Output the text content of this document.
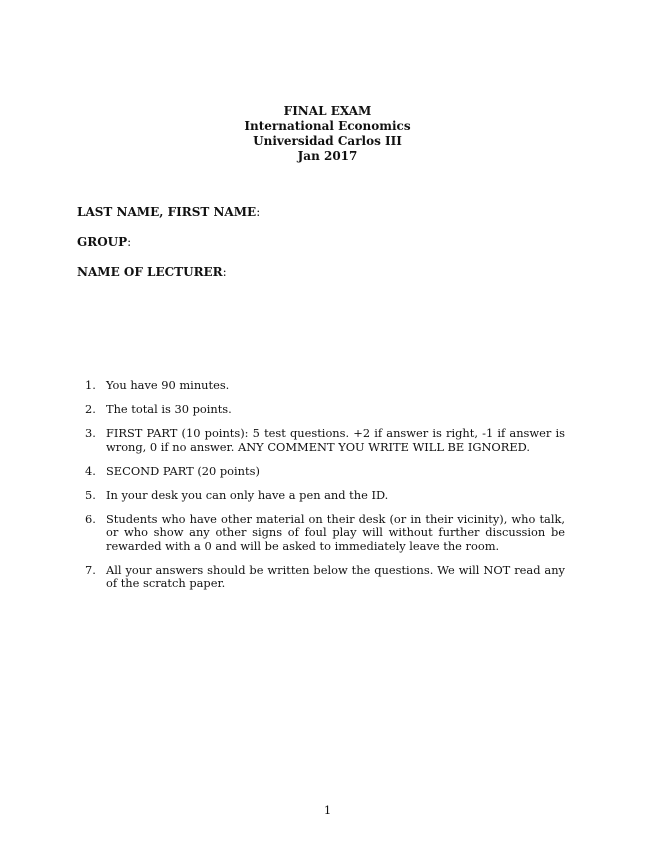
FINAL EXAM
International Economics
Universidad Carlos III
Jan 2017
LAST NAME, FIRST NAME:
GROUP:
NAME OF LECTURER:
1. You have 90 minutes.
2. The total is 30 points.
3. FIRST PART (10 points): 5 test questions. +2 if answer is right, -1 if answer is wrong, 0 if no answer. ANY COMMENT YOU WRITE WILL BE IGNORED.
4. SECOND PART (20 points)
5. In your desk you can only have a pen and the ID.
6. Students who have other material on their desk (or in their vicinity), who talk, or who show any other signs of foul play will without further discussion be rewarded with a 0 and will be asked to immediately leave the room.
7. All your answers should be written below the questions. We will NOT read any of the scratch paper.
1
